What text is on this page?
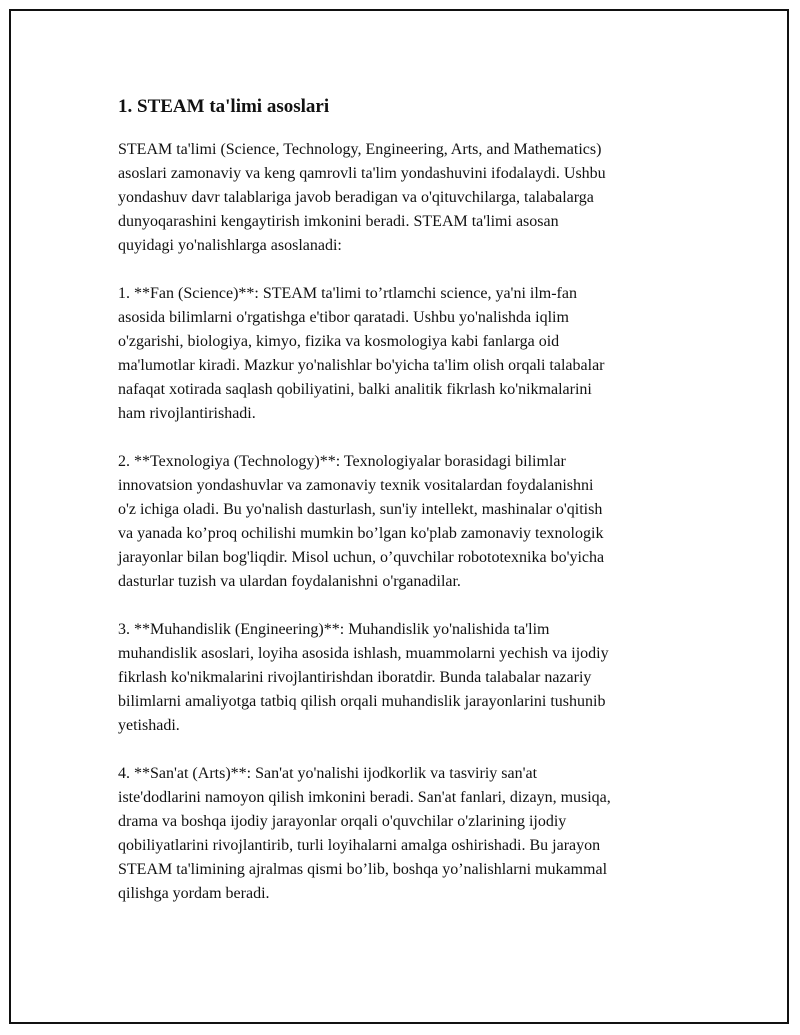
1. STEAM ta'limi asoslari
STEAM ta'limi (Science, Technology, Engineering, Arts, and Mathematics)
asoslari zamonaviy va keng qamrovli ta'lim yondashuvini ifodalaydi. Ushbu
yondashuv davr talablariga javob beradigan va o'qituvchilarga, talabalarga
dunyoqarashini kengaytirish imkonini beradi. STEAM ta'limi asosan
quyidagi yo'nalishlarga asoslanadi:
1. **Fan (Science)**: STEAM ta'limi to’rtlamchi science, ya'ni ilm-fan
asosida bilimlarni o'rgatishga e'tibor qaratadi. Ushbu yo'nalishda iqlim
o'zgarishi, biologiya, kimyo, fizika va kosmologiya kabi fanlarga oid
ma'lumotlar kiradi. Mazkur yo'nalishlar bo'yicha ta'lim olish orqali talabalar
nafaqat xotirada saqlash qobiliyatini, balki analitik fikrlash ko'nikmalarini
ham rivojlantirishadi.
2. **Texnologiya (Technology)**: Texnologiyalar borasidagi bilimlar
innovatsion yondashuvlar va zamonaviy texnik vositalardan foydalanishni
o'z ichiga oladi. Bu yo'nalish dasturlash, sun'iy intellekt, mashinalar o'qitish
va yanada ko’proq ochilishi mumkin bo’lgan ko'plab zamonaviy texnologik
jarayonlar bilan bog'liqdir. Misol uchun, o’quvchilar robototexnika bo'yicha
dasturlar tuzish va ulardan foydalanishni o'rganadilar.
3. **Muhandislik (Engineering)**: Muhandislik yo'nalishida ta'lim
muhandislik asoslari, loyiha asosida ishlash, muammolarni yechish va ijodiy
fikrlash ko'nikmalarini rivojlantirishdan iboratdir. Bunda talabalar nazariy
bilimlarni amaliyotga tatbiq qilish orqali muhandislik jarayonlarini tushunib
yetishadi.
4. **San'at (Arts)**: San'at yo'nalishi ijodkorlik va tasviriy san'at
iste'dodlarini namoyon qilish imkonini beradi. San'at fanlari, dizayn, musiqa,
drama va boshqa ijodiy jarayonlar orqali o'quvchilar o'zlarining ijodiy
qobiliyatlarini rivojlantirib, turli loyihalarni amalga oshirishadi. Bu jarayon
STEAM ta'limining ajralmas qismi bo’lib, boshqa yo’nalishlarni mukammal
qilishga yordam beradi.
